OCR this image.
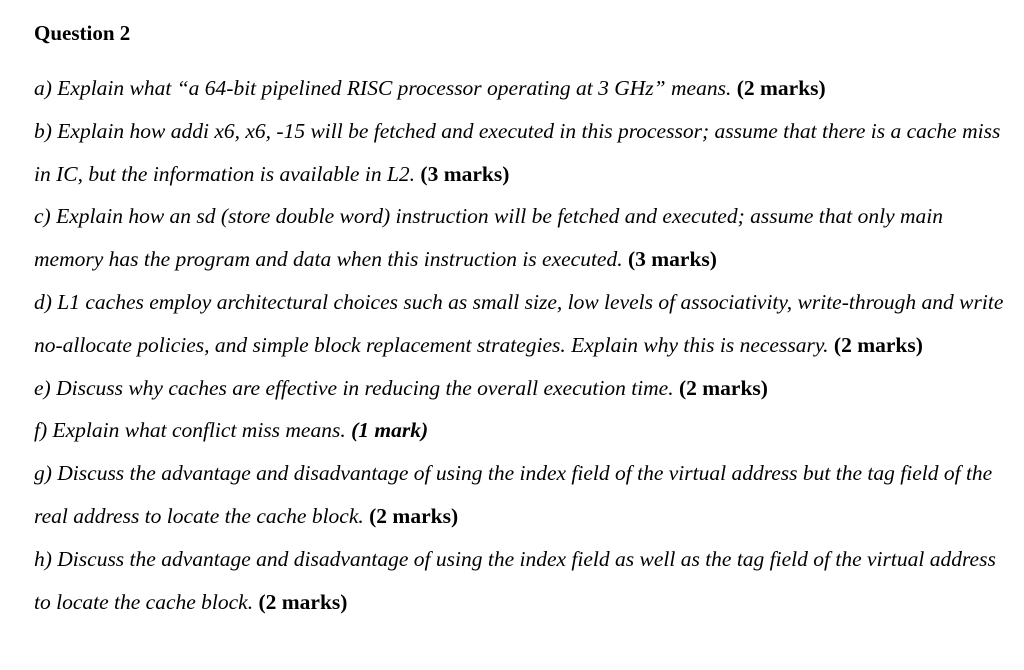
Question 2

a) Explain what “a 64-bit pipelined RISC processor operating at 3 GHz” means. (2 marks)

b) Explain how addi x6, x6, -15 will be fetched and executed in this processor; assume that there is a cache miss in IC, but the information is available in L2. (3 marks)

c) Explain how an sd (store double word) instruction will be fetched and executed; assume that only main memory has the program and data when this instruction is executed. (3 marks)

d) L1 caches employ architectural choices such as small size, low levels of associativity, write-through and write no-allocate policies, and simple block replacement strategies. Explain why this is necessary. (2 marks)

e) Discuss why caches are effective in reducing the overall execution time. (2 marks)

f) Explain what conflict miss means. (1 mark)

g) Discuss the advantage and disadvantage of using the index field of the virtual address but the tag field of the real address to locate the cache block. (2 marks)

h) Discuss the advantage and disadvantage of using the index field as well as the tag field of the virtual address to locate the cache block. (2 marks)
